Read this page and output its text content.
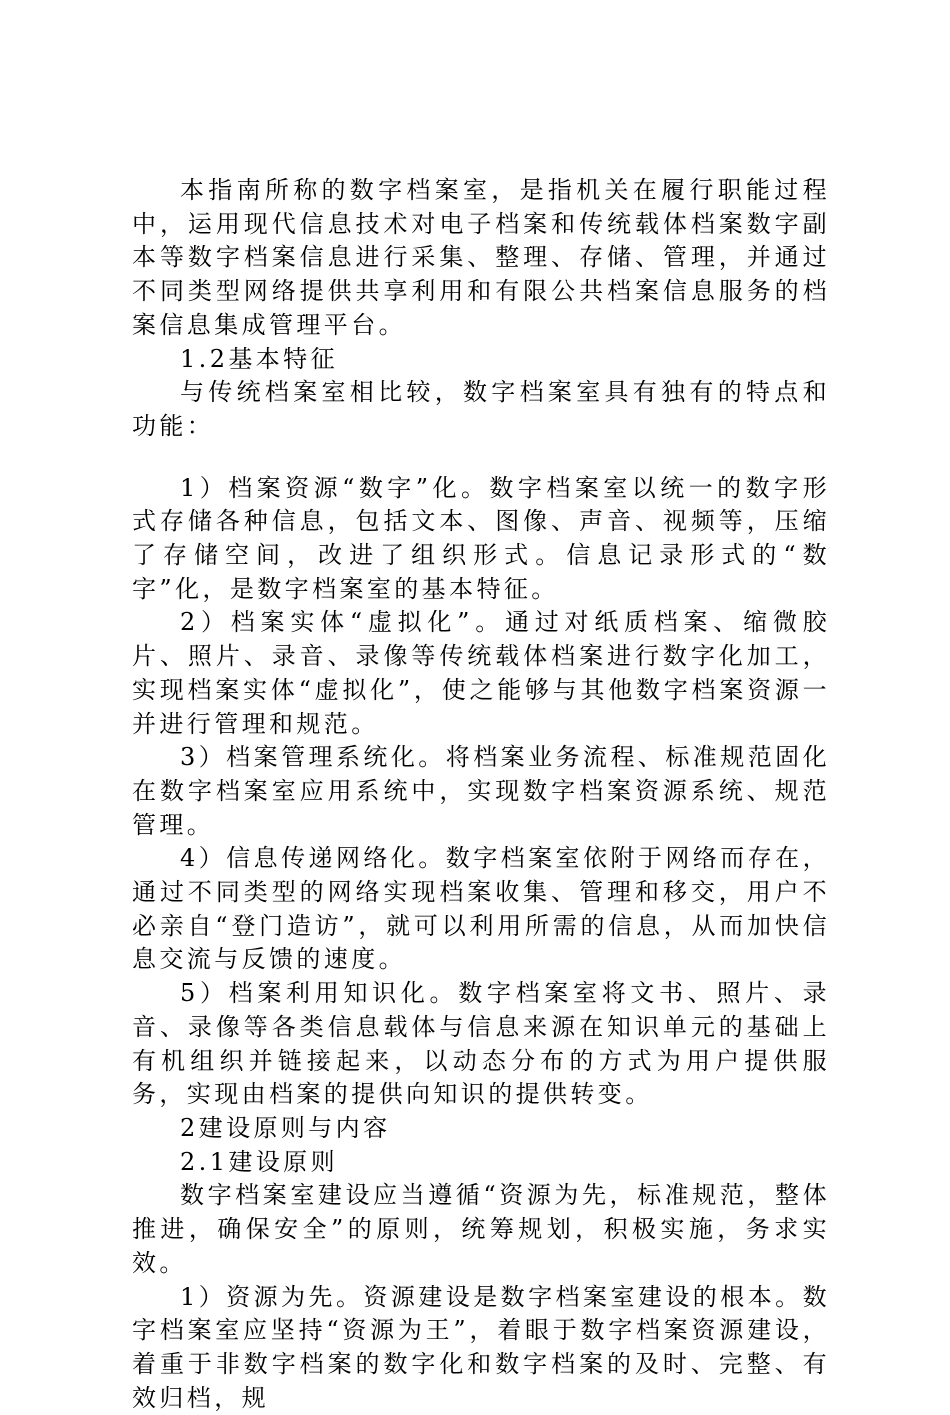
本指南所称的数字档案室，是指机关在履行职能过程中，运用现代信息技术对电子档案和传统载体档案数字副本等数字档案信息进行采集、整理、存储、管理，并通过不同类型网络提供共享利用和有限公共档案信息服务的档案信息集成管理平台。

1.2基本特征

与传统档案室相比较，数字档案室具有独有的特点和功能：

1）档案资源“数字”化。数字档案室以统一的数字形式存储各种信息，包括文本、图像、声音、视频等，压缩了存储空间，改进了组织形式。信息记录形式的“数字”化，是数字档案室的基本特征。

2）档案实体“虚拟化”。通过对纸质档案、缩微胶片、照片、录音、录像等传统载体档案进行数字化加工，实现档案实体“虚拟化”，使之能够与其他数字档案资源一并进行管理和规范。

3）档案管理系统化。将档案业务流程、标准规范固化在数字档案室应用系统中，实现数字档案资源系统、规范管理。

4）信息传递网络化。数字档案室依附于网络而存在，通过不同类型的网络实现档案收集、管理和移交，用户不必亲自“登门造访”，就可以利用所需的信息，从而加快信息交流与反馈的速度。

5）档案利用知识化。数字档案室将文书、照片、录音、录像等各类信息载体与信息来源在知识单元的基础上有机组织并链接起来，以动态分布的方式为用户提供服务，实现由档案的提供向知识的提供转变。

2建设原则与内容

2.1建设原则

数字档案室建设应当遵循“资源为先，标准规范，整体推进，确保安全”的原则，统筹规划，积极实施，务求实效。

1）资源为先。资源建设是数字档案室建设的根本。数字档案室应坚持“资源为王”，着眼于数字档案资源建设，着重于非数字档案的数字化和数字档案的及时、完整、有效归档，规
